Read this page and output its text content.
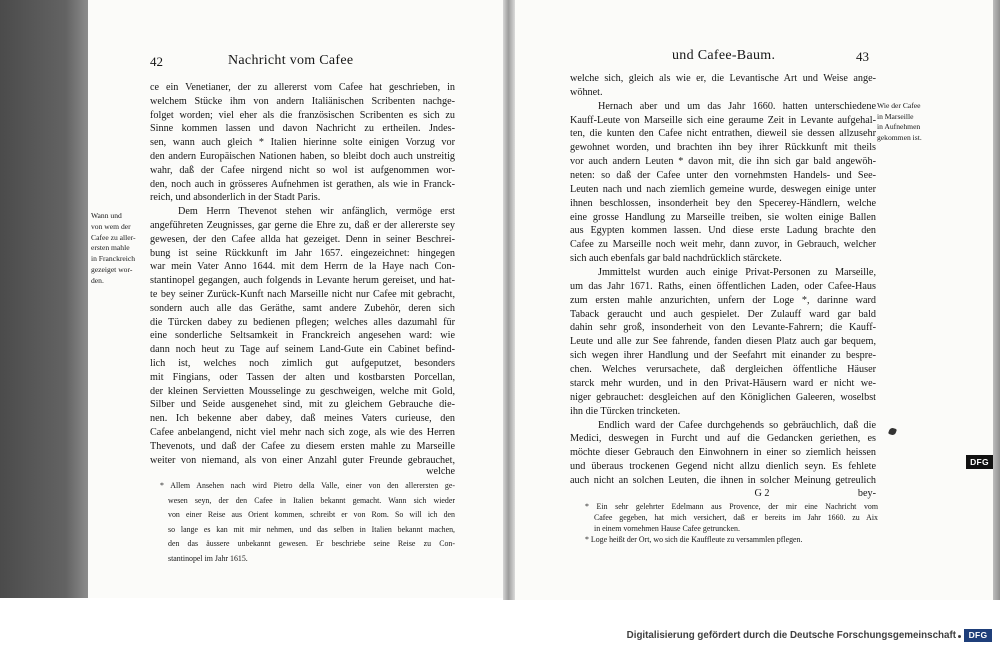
42	Nachricht vom Cafee	und Cafee-Baum.	43
welche
G 2	bey-
DFG
Digitalisierung gefördert durch die Deutsche Forschungsgemeinschaft	DFG
ce ein Venetianer, der zu allererst vom Cafee hat geschrieben, in
welchem Stücke ihm von andern Italiänischen Scribenten nachge-
folget worden; viel eher als die französischen Scribenten es sich zu
Sinne kommen lassen und davon Nachricht zu ertheilen. Jndes-
sen, wann auch gleich * Italien hierinne solte einigen Vorzug vor
den andern Europäischen Nationen haben, so bleibt doch auch unstreitig
wahr, daß der Cafee nirgend nicht so wol ist aufgenommen wor-
den, noch auch in grösseres Aufnehmen ist gerathen, als wie in Franck-
reich, und absonderlich in der Stadt Paris.
Dem Herrn Thevenot stehen wir anfänglich, vermöge erst
angeführeten Zeugnisses, gar gerne die Ehre zu, daß er der allererste sey
gewesen, der den Cafee allda hat gezeiget. Denn in seiner Beschrei-
bung ist seine Rückkunft im Jahr 1657. eingezeichnet: hingegen
war mein Vater Anno 1644. mit dem Herrn de la Haye nach Con-
stantinopel gegangen, auch folgends in Levante herum gereiset, und hat-
te bey seiner Zurück-Kunft nach Marseille nicht nur Cafee mit gebracht,
sondern auch alle das Geräthe, samt andere Zubehör, deren sich
die Türcken dabey zu bedienen pflegen; welches alles dazumahl für
eine sonderliche Seltsamkeit in Franckreich angesehen ward: wie
dann noch heut zu Tage auf seinem Land-Gute ein Cabinet befind-
lich ist, welches noch zimlich gut aufgeputzet, besonders
mit Fingians, oder Tassen der alten und kostbarsten Porcellan,
der kleinen Servietten Mousselinge zu geschweigen, welche mit Gold,
Silber und Seide ausgenehet sind, mit zu gleichem Gebrauche die-
nen. Ich bekenne aber dabey, daß meines Vaters curieuse, den
Cafee anbelangend, nicht viel mehr nach sich zoge, als wie des Herren
Thevenots, und daß der Cafee zu diesem ersten mahle zu Marseille
weiter von niemand, als von einer Anzahl guter Freunde gebrauchet,
welche sich, gleich als wie er, die Levantische Art und Weise ange-
wöhnet.
Hernach aber und um das Jahr 1660. hatten unterschiedene
Kauff-Leute von Marseille sich eine geraume Zeit in Levante aufgehal-
ten, die kunten den Cafee nicht entrathen, dieweil sie dessen allzusehr
gewohnet worden, und brachten ihn bey ihrer Rückkunft mit theils
vor auch andern Leuten * davon mit, die ihn sich gar bald angewöh-
neten: so daß der Cafee unter den vornehmsten Handels- und See-
Leuten nach und nach ziemlich gemeine wurde, deswegen einige unter
ihnen beschlossen, insonderheit bey den Specerey-Händlern, welche
eine grosse Handlung zu Marseille treiben, sie wolten einige Ballen
aus Egypten kommen lassen. Und diese erste Ladung brachte den
Cafee zu Marseille noch weit mehr, dann zuvor, in Gebrauch, welcher
sich auch ebenfals gar bald nachdrücklich stärckete.
Jmmittelst wurden auch einige Privat-Personen zu Marseille,
um das Jahr 1671. Raths, einen öffentlichen Laden, oder Cafee-Haus
zum ersten mahle anzurichten, unfern der Loge *, darinne ward
Taback geraucht und auch gespielet. Der Zulauff ward gar bald
dahin sehr groß, insonderheit von den Levante-Fahrern; die Kauff-
Leute und alle zur See fahrende, fanden diesen Platz auch gar bequem,
sich wegen ihrer Handlung und der Seefahrt mit einander zu bespre-
chen. Welches verursachete, daß dergleichen öffentliche Häuser
starck mehr wurden, und in den Privat-Häusern ward er nicht we-
niger gebrauchet: desgleichen auf den Königlichen Galeeren, woselbst
ihn die Türcken trincketen.
Endlich ward der Cafee durchgehends so gebräuchlich, daß die
Medici, deswegen in Furcht und auf die Gedancken geriethen, es
möchte dieser Gebrauch den Einwohnern in einer so ziemlich heissen
und überaus trockenen Gegend nicht allzu dienlich seyn. Es fehlete
auch nicht an solchen Leuten, die ihnen in solcher Meinung getreulich
Wann und
von wem der
Cafee zu aller-
ersten mahle
in Franckreich
gezeiget wor-
den.
Wie der Cafee
in Marseille
in Aufnehmen
gekommen ist.
* Allem Ansehen nach wird Pietro della Valle, einer von den allerersten ge-
wesen seyn, der den Cafee in Italien bekannt gemacht. Wann sich wieder
von einer Reise aus Orient kommen, schreibt er von Rom. So will ich den
so lange es kan mit mir nehmen, und das selben in Italien bekannt machen,
den das äussere unbekannt gewesen. Er beschriebe seine Reise zu Con-
stantinopel im Jahr 1615.
* Ein sehr gelehrter Edelmann aus Provence, der mir eine Nachricht vom
Cafee gegeben, hat mich versichert, daß er bereits im Jahr 1660. zu Aix
in einem vornehmen Hause Cafee getruncken.
* Loge heißt der Ort, wo sich die Kauffleute zu versammlen pflegen.
